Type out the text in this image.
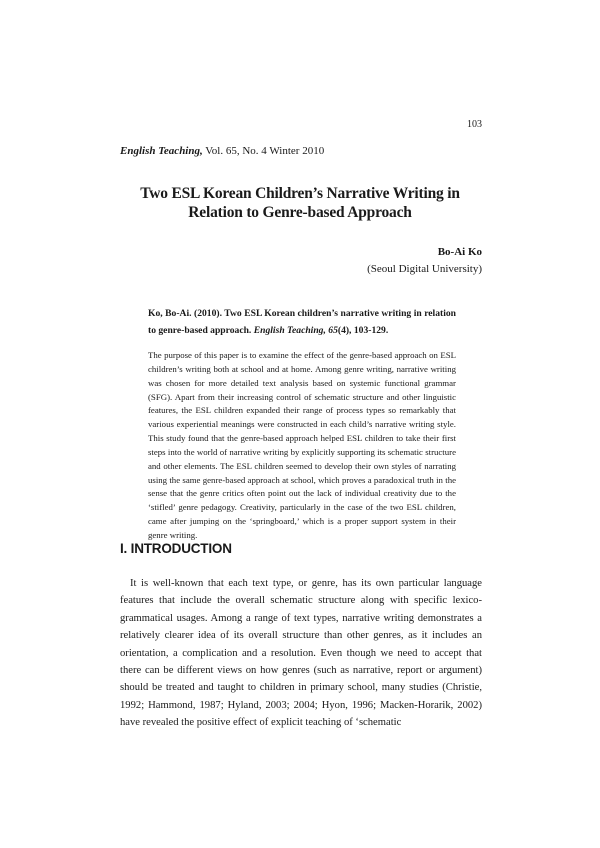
103
English Teaching, Vol. 65, No. 4 Winter 2010
Two ESL Korean Children’s Narrative Writing in
Relation to Genre-based Approach
Bo-Ai Ko
(Seoul Digital University)
Ko, Bo-Ai. (2010). Two ESL Korean children’s narrative writing in relation to genre-based approach. English Teaching, 65(4), 103-129.

The purpose of this paper is to examine the effect of the genre-based approach on ESL children’s writing both at school and at home. Among genre writing, narrative writing was chosen for more detailed text analysis based on systemic functional grammar (SFG). Apart from their increasing control of schematic structure and other linguistic features, the ESL children expanded their range of process types so remarkably that various experiential meanings were constructed in each child’s narrative writing style. This study found that the genre-based approach helped ESL children to take their first steps into the world of narrative writing by explicitly supporting its schematic structure and other elements. The ESL children seemed to develop their own styles of narrating using the same genre-based approach at school, which proves a paradoxical truth in the sense that the genre critics often point out the lack of individual creativity due to the ‘stifled’ genre pedagogy. Creativity, particularly in the case of the two ESL children, came after jumping on the ‘springboard,’ which is a proper support system in their genre writing.

I. INTRODUCTION

It is well-known that each text type, or genre, has its own particular language features that include the overall schematic structure along with specific lexico-grammatical usages. Among a range of text types, narrative writing demonstrates a relatively clearer idea of its overall structure than other genres, as it includes an orientation, a complication and a resolution. Even though we need to accept that there can be different views on how genres (such as narrative, report or argument) should be treated and taught to children in primary school, many studies (Christie, 1992; Hammond, 1987; Hyland, 2003; 2004; Hyon, 1996; Macken-Horarik, 2002) have revealed the positive effect of explicit teaching of ‘schematic
